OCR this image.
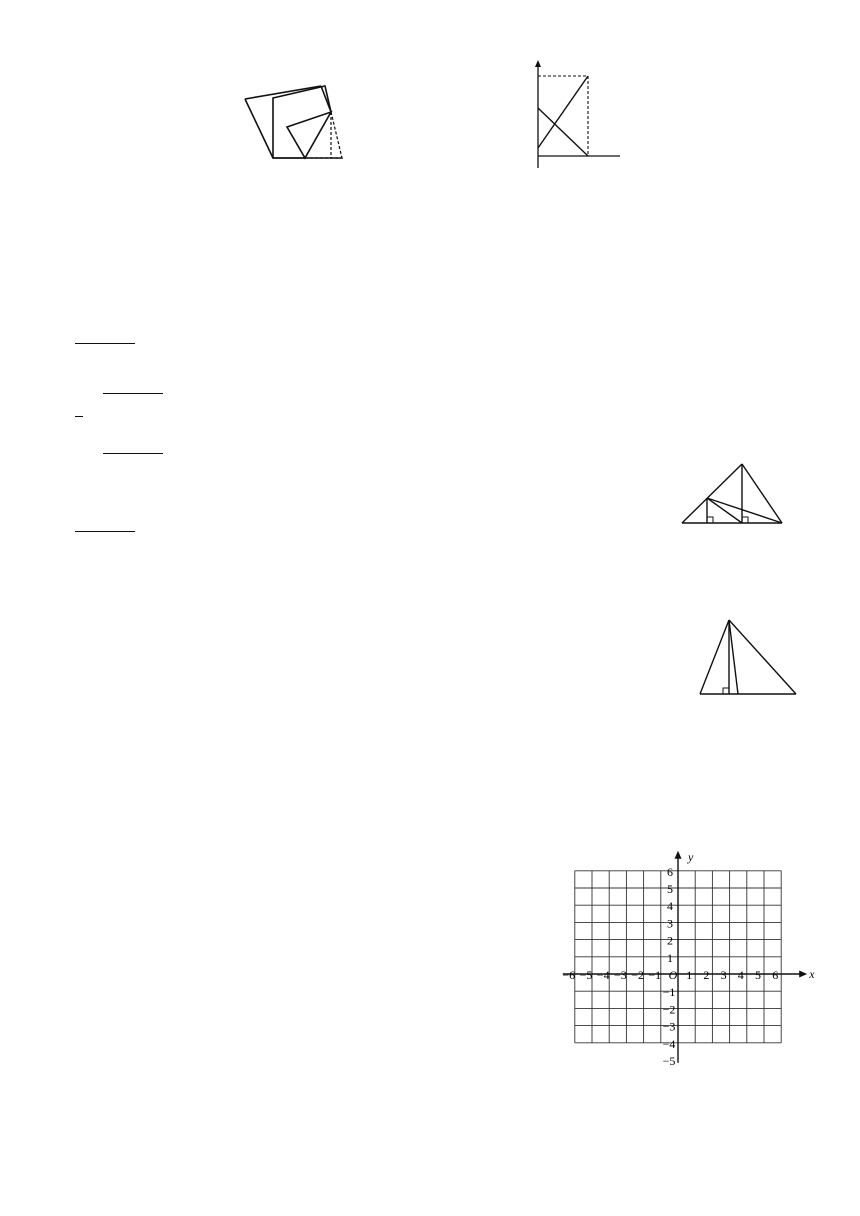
y
x
O
−6 −5 −4 −3 −2 −1 1 2 3 4 5 6
1
2
3
4
5
6
−1
−2
−3
−4
−5
